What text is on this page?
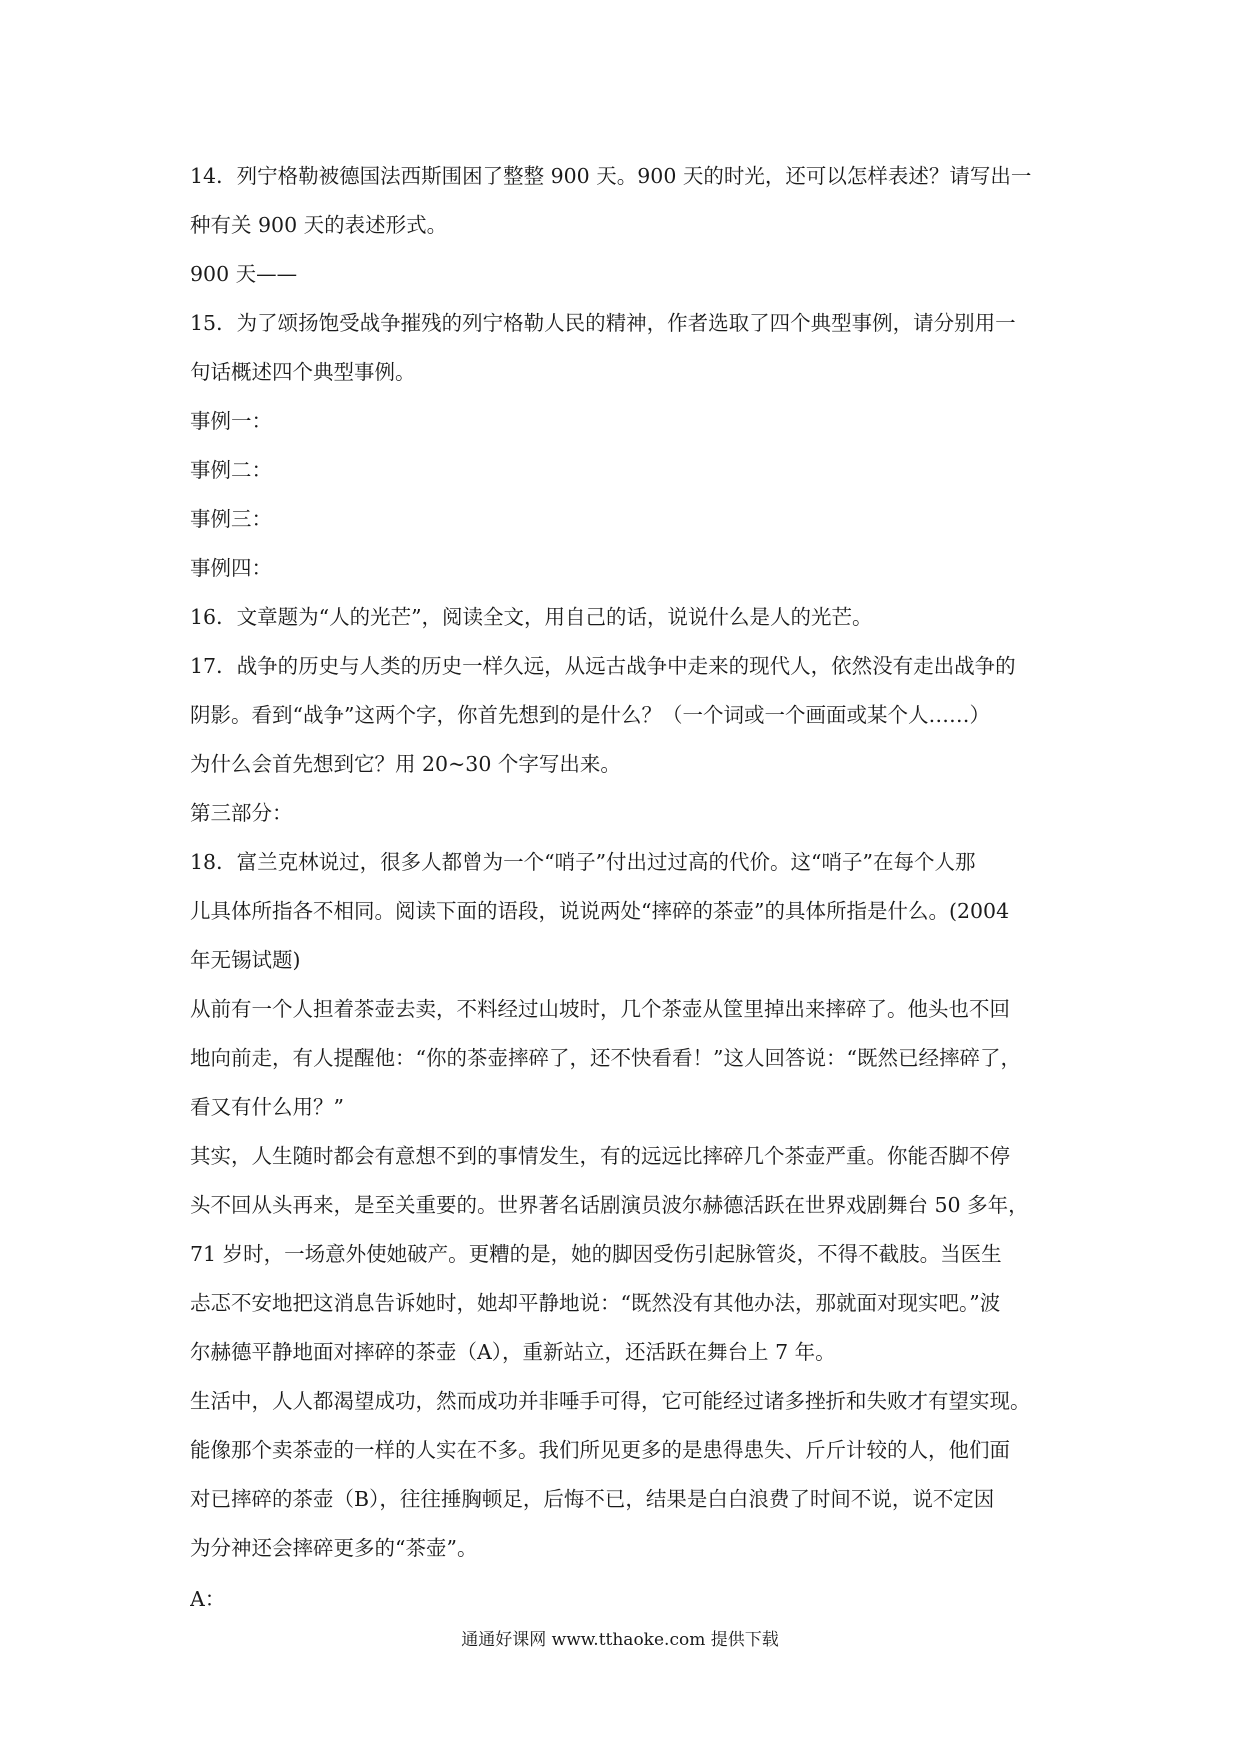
14．列宁格勒被德国法西斯围困了整整 900 天。900 天的时光，还可以怎样表述？请写出一
种有关 900 天的表述形式。
900 天——
15．为了颂扬饱受战争摧残的列宁格勒人民的精神，作者选取了四个典型事例，请分别用一
句话概述四个典型事例。
事例一：
事例二：
事例三：
事例四：
16．文章题为“人的光芒”，阅读全文，用自己的话，说说什么是人的光芒。
17．战争的历史与人类的历史一样久远，从远古战争中走来的现代人，依然没有走出战争的
阴影。看到“战争”这两个字，你首先想到的是什么？（一个词或一个画面或某个人……）
为什么会首先想到它？用 20~30 个字写出来。
第三部分：
18．富兰克林说过，很多人都曾为一个“哨子”付出过过高的代价。这“哨子”在每个人那
儿具体所指各不相同。阅读下面的语段，说说两处“摔碎的茶壶”的具体所指是什么。(2004
年无锡试题)
从前有一个人担着茶壶去卖，不料经过山坡时，几个茶壶从筐里掉出来摔碎了。他头也不回
地向前走，有人提醒他：“你的茶壶摔碎了，还不快看看！”这人回答说：“既然已经摔碎了，
看又有什么用？”
其实，人生随时都会有意想不到的事情发生，有的远远比摔碎几个茶壶严重。你能否脚不停
头不回从头再来，是至关重要的。世界著名话剧演员波尔赫德活跃在世界戏剧舞台 50 多年，
71 岁时，一场意外使她破产。更糟的是，她的脚因受伤引起脉管炎，不得不截肢。当医生
忐忑不安地把这消息告诉她时，她却平静地说：“既然没有其他办法，那就面对现实吧。”波
尔赫德平静地面对摔碎的茶壶（A），重新站立，还活跃在舞台上 7 年。
生活中，人人都渴望成功，然而成功并非唾手可得，它可能经过诸多挫折和失败才有望实现。
能像那个卖茶壶的一样的人实在不多。我们所见更多的是患得患失、斤斤计较的人，他们面
对已摔碎的茶壶（B），往往捶胸顿足，后悔不已，结果是白白浪费了时间不说，说不定因
为分神还会摔碎更多的“茶壶”。
A：
通通好课网 www.tthaoke.com 提供下载
